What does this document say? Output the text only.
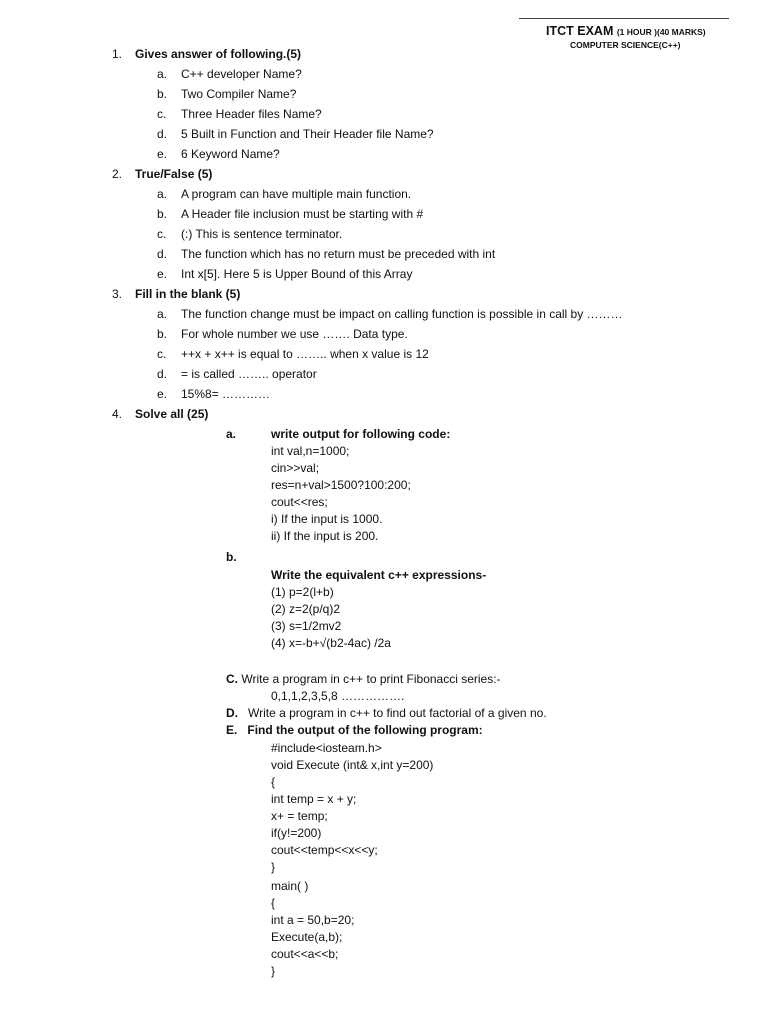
ITCT EXAM (1 HOUR )(40 MARKS)
COMPUTER SCIENCE(C++)
1. Gives answer of following.(5)
a. C++ developer Name?
b. Two Compiler Name?
c. Three Header files Name?
d. 5 Built in Function and Their Header file Name?
e. 6 Keyword Name?
2. True/False (5)
a. A program can have multiple main function.
b. A Header file inclusion must be starting with #
c. (:) This is sentence terminator.
d. The function which has no return must be preceded with int
e. Int x[5]. Here 5 is Upper Bound of this Array
3. Fill in the blank (5)
a. The function change must be impact on calling function is possible in call by ………
b. For whole number we use ……. Data type.
c. ++x + x++ is equal to …….. when x value is 12
d. = is called …….. operator
e. 15%8= …………
4. Solve all (25)
a.	write output for following code:
int val,n=1000;
cin>>val;
res=n+val>1500?100:200;
cout<<res;
i) If the input is 1000.
ii) If the input is 200.
b.
Write the equivalent c++ expressions-
(1) p=2(l+b)
(2) z=2(p/q)2
(3) s=1/2mv2
(4) x=-b+√(b2-4ac) /2a
C. Write a program in c++ to print Fibonacci series:-
0,1,1,2,3,5,8 …………….
D. Write a program in c++ to find out factorial of a given no.
E. Find the output of the following program:
#include<iosteam.h>
void Execute (int& x,int y=200)
{
int temp = x + y;
x+ = temp;
if(y!=200)
cout<<temp<<x<<y;
}
main( )
{
int a = 50,b=20;
Execute(a,b);
cout<<a<<b;
}
